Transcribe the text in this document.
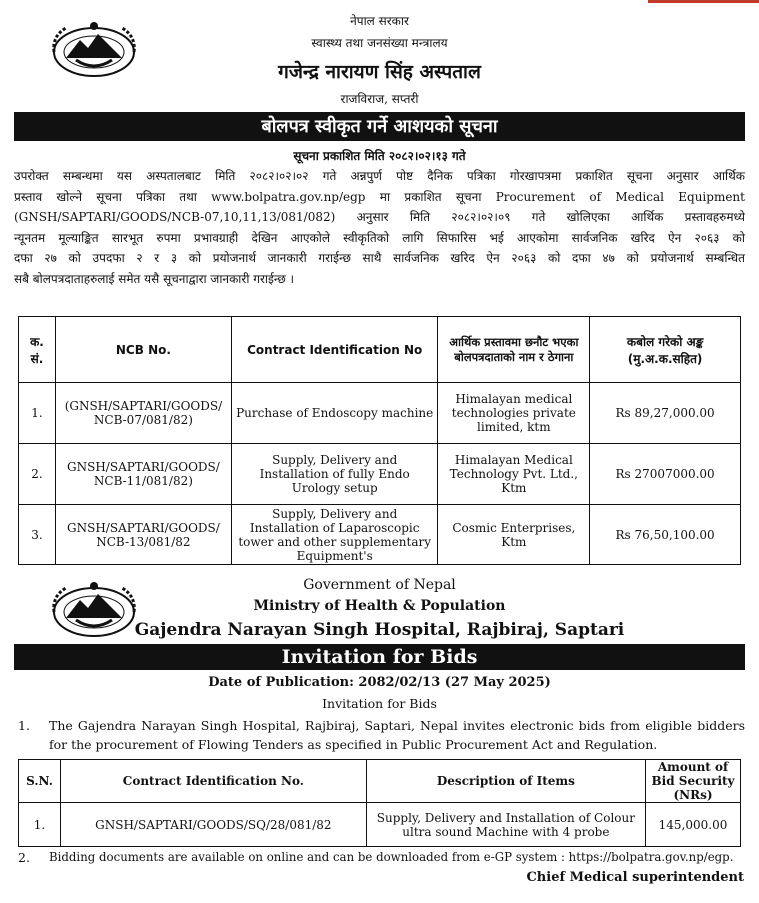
नेपाल सरकार
स्वास्थ्य तथा जनसंख्या मन्त्रालय
गजेन्द्र नारायण सिंह अस्पताल
राजविराज, सप्तरी
बोलपत्र स्वीकृत गर्ने आशयको सूचना
सूचना प्रकाशित मिति २०८२।०२।१३ गते
उपरोक्त सम्बन्धमा यस अस्पतालबाट मिति २०८२।०२।०२ गते अन्नपुर्ण पोष्ट दैनिक पत्रिका गोरखापत्रमा प्रकाशित सूचना अनुसार आर्थिक
प्रस्ताव खोल्ने सूचना पत्रिका तथा www.bolpatra.gov.np/egp मा प्रकाशित सूचना Procurement of Medical Equipment
(GNSH/SAPTARI/GOODS/NCB-07,10,11,13/081/082) अनुसार मिति २०८२।०२।०९ गते खोलिएका आर्थिक प्रस्तावहरुमध्ये
न्यूनतम मूल्याङ्कित सारभूत रुपमा प्रभावग्राही देखिन आएकोले स्वीकृतिको लागि सिफारिस भई आएकोमा सार्वजनिक खरिद ऐन २०६३ को
दफा २७ को उपदफा २ र ३ को प्रयोजनार्थ जानकारी गराईन्छ साथै सार्वजनिक खरिद ऐन २०६३ को दफा ४७ को प्रयोजनार्थ सम्बन्धित
सबै बोलपत्रदाताहरुलाई समेत यसै सूचनाद्वारा जानकारी गराईन्छ ।
क. सं.	NCB No.	Contract Identification No	आर्थिक प्रस्तावमा छनौट भएका बोलपत्रदाताको नाम र ठेगाना	कबोल गरेको अङ्क (मु.अ.क.सहित)
1.	(GNSH/SAPTARI/GOODS/ NCB-07/081/82)	Purchase of Endoscopy machine	Himalayan medical technologies private limited, ktm	Rs 89,27,000.00
2.	GNSH/SAPTARI/GOODS/ NCB-11/081/82)	Supply, Delivery and Installation of fully Endo Urology setup	Himalayan Medical Technology Pvt. Ltd., Ktm	Rs 27007000.00
3.	GNSH/SAPTARI/GOODS/ NCB-13/081/82	Supply, Delivery and Installation of Laparoscopic tower and other supplementary Equipment's	Cosmic Enterprises, Ktm	Rs 76,50,100.00
Government of Nepal
Ministry of Health & Population
Gajendra Narayan Singh Hospital, Rajbiraj, Saptari
Invitation for Bids
Date of Publication: 2082/02/13 (27 May 2025)
Invitation for Bids
1. The Gajendra Narayan Singh Hospital, Rajbiraj, Saptari, Nepal invites electronic bids from eligible bidders for the procurement of Flowing Tenders as specified in Public Procurement Act and Regulation.
S.N.	Contract Identification No.	Description of Items	Amount of Bid Security (NRs)
1.	GNSH/SAPTARI/GOODS/SQ/28/081/82	Supply, Delivery and Installation of Colour ultra sound Machine with 4 probe	145,000.00
2. Bidding documents are available on online and can be downloaded from e-GP system : https://bolpatra.gov.np/egp.
Chief Medical superintendent
